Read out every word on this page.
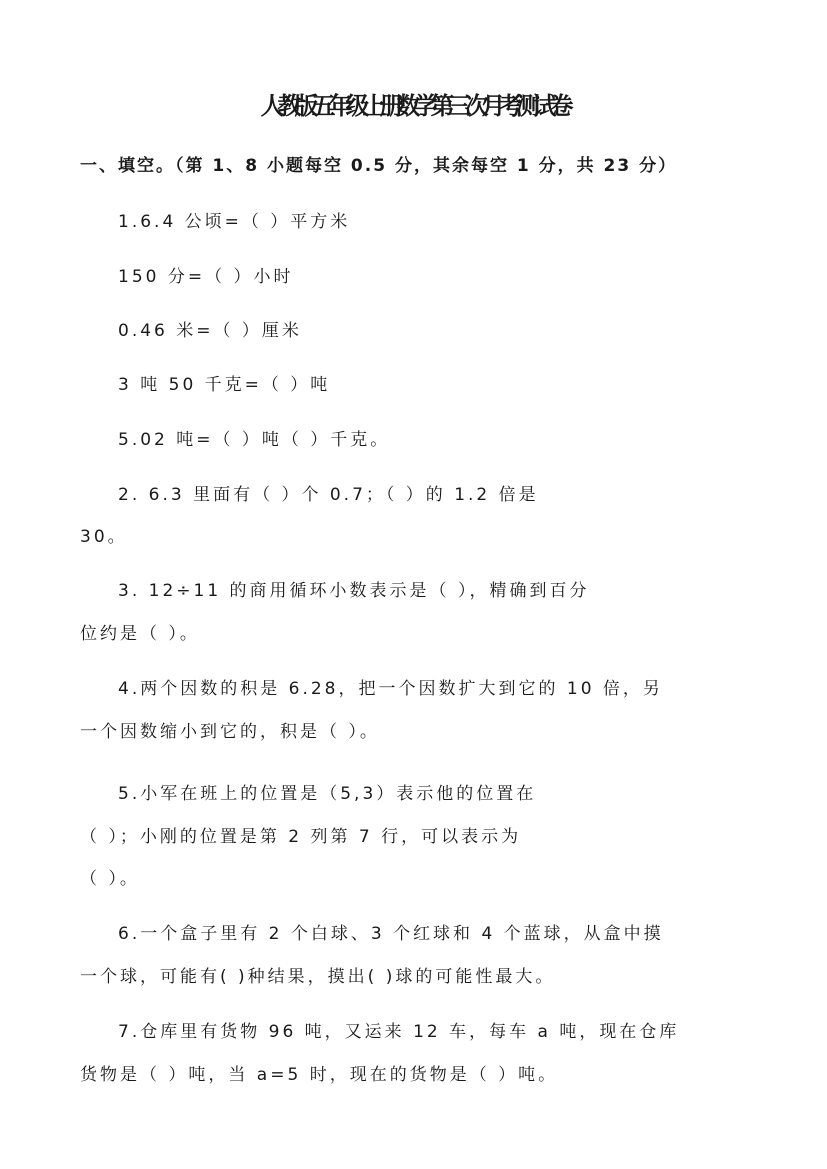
人教版五年级上册数学第三次月考测试卷
一、填空。（第 1、8 小题每空 0.5 分，其余每空 1 分，共 23 分）
1.6.4 公顷=（ ）平方米
150 分=（ ）小时
0.46 米=（ ）厘米
3 吨 50 千克=（ ）吨
5.02 吨=（ ）吨（ ）千克。
2. 6.3 里面有（ ）个 0.7；（ ）的 1.2 倍是
30。
3. 12÷11 的商用循环小数表示是（ ），精确到百分
位约是（ ）。
4.两个因数的积是 6.28，把一个因数扩大到它的 10 倍，另
一个因数缩小到它的，积是（ ）。
5.小军在班上的位置是（5,3）表示他的位置在
（ ）；小刚的位置是第 2 列第 7 行，可以表示为
（ ）。
6.一个盒子里有 2 个白球、3 个红球和 4 个蓝球，从盒中摸
一个球，可能有( )种结果，摸出( )球的可能性最大。
7.仓库里有货物 96 吨，又运来 12 车，每车 a 吨，现在仓库
货物是（ ）吨，当 a=5 时，现在的货物是（ ）吨。
